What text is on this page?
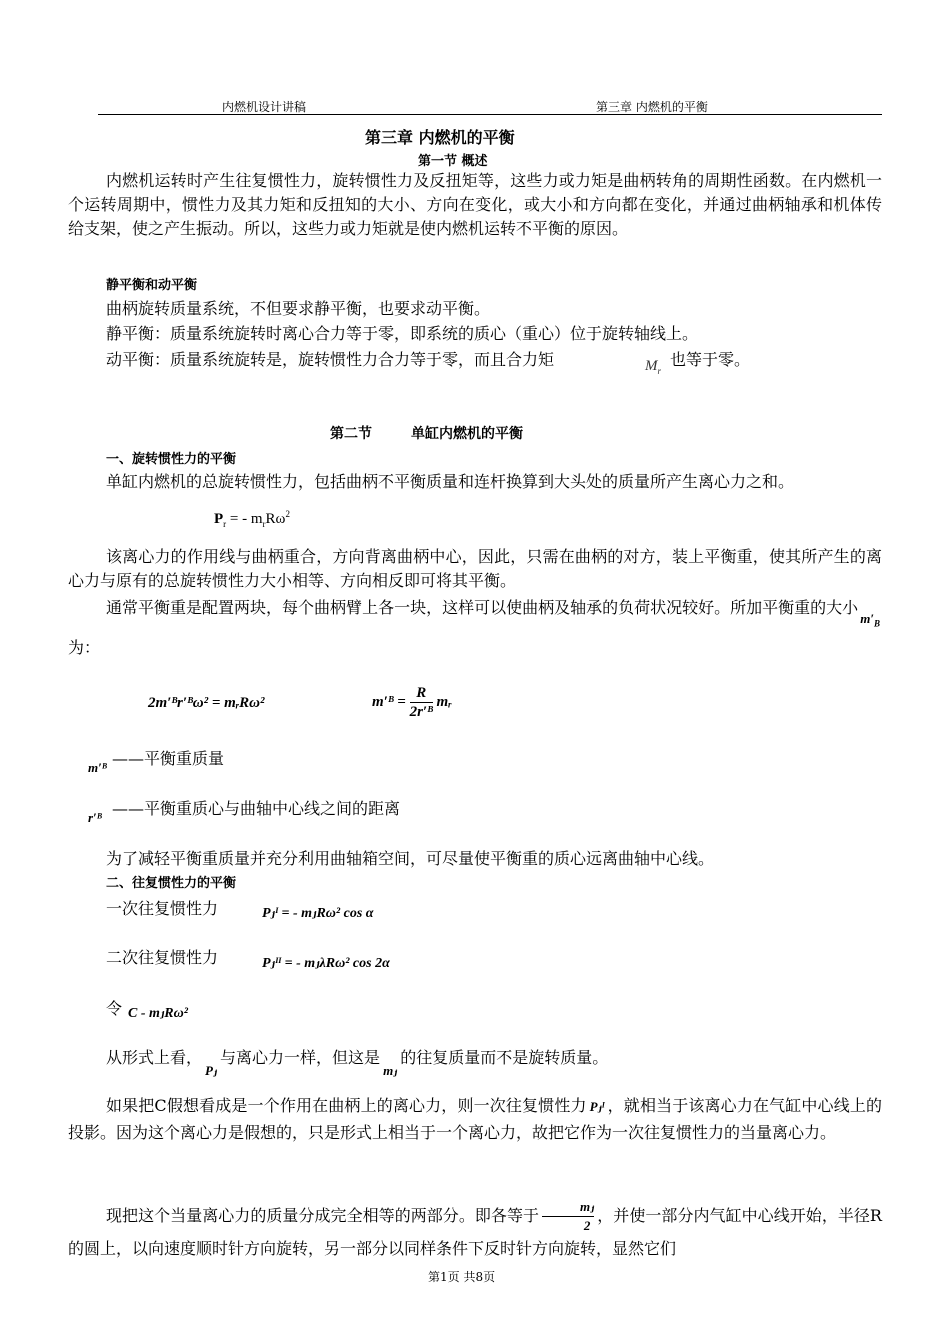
内燃机设计讲稿	第三章 内燃机的平衡
第三章 内燃机的平衡
第一节 概述
内燃机运转时产生往复惯性力，旋转惯性力及反扭矩等，这些力或力矩是曲柄转角的周期性函数。在内燃机一个运转周期中，惯性力及其力矩和反扭知的大小、方向在变化，或大小和方向都在变化，并通过曲柄轴承和机体传给支架，使之产生振动。所以，这些力或力矩就是使内燃机运转不平衡的原因。
静平衡和动平衡
曲柄旋转质量系统，不但要求静平衡，也要求动平衡。
静平衡：质量系统旋转时离心合力等于零，即系统的质心（重心）位于旋转轴线上。
动平衡：质量系统旋转是，旋转惯性力合力等于零，而且合力矩	$M_r$
也等于零。
第二节        单缸内燃机的平衡
一、旋转惯性力的平衡
单缸内燃机的总旋转惯性力，包括曲柄不平衡质量和连杆换算到大头处的质量所产生离心力之和。
$P_r$ = - $m_rR\omega^2$
该离心力的作用线与曲柄重合，方向背离曲柄中心，因此，只需在曲柄的对方，装上平衡重，使其所产生的离心力与原有的总旋转惯性力大小相等、方向相反即可将其平衡。
通常平衡重是配置两块，每个曲柄臂上各一块，这样可以使曲柄及轴承的负荷状况较好。所加平衡重的大小$_{m'_B}$为：
2m′ᴮr′ᴮω² = mᵣRω²	m′ᴮ = $\frac{R}{\text{2r′ᴮ}}$ mᵣ
m′ᴮ ——平衡重质量
r′ᴮ ——平衡重质心与曲轴中心线之间的距离
为了减轻平衡重质量并充分利用曲轴箱空间，可尽量使平衡重的质心远离曲轴中心线。
二、往复惯性力的平衡
一次往复惯性力	Pⱼᴵ = - mⱼRω² cos α
二次往复惯性力	Pⱼᴵᴵ = - mⱼλRω² cos 2α
令 C - mⱼRω²
从形式上看，$_{Pⱼ}$与离心力一样，但这是$_{mⱼ}$的往复质量而不是旋转质量。
如果把C假想看成是一个作用在曲柄上的离心力，则一次往复惯性力 Pⱼᴵ ，就相当于该离心力在气缸中心线上的投影。因为这个离心力是假想的，只是形式上相当于一个离心力，故把它作为一次往复惯性力的当量离心力。
现把这个当量离心力的质量分成完全相等的两部分。即各等于 $\frac{\text{mⱼ}}{2}$ ，并使一部分内气缸中心线开始，半径R的圆上，以向速度顺时针方向旋转，另一部分以同样条件下反时针方向旋转，显然它们
第1页 共8页
